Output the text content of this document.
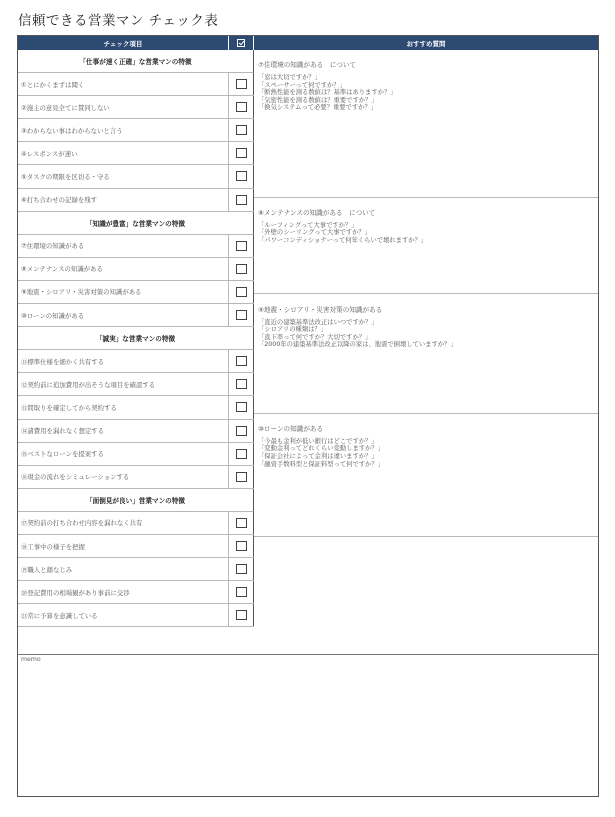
信頼できる営業マン チェック表
チェック項目	おすすめ質問
「仕事が速く正確」な営業マンの特徴
①とにかくまずは聞く
②施主の意見全てに賛同しない
③わからない事はわからないと言う
④レスポンスが速い
⑤タスクの期限を区切る・守る
⑥打ち合わせの記録を残す
「知識が豊富」な営業マンの特徴
⑦住環境の知識がある
⑧メンテナンスの知識がある
⑨地震・シロアリ・災害対策の知識がある
⑩ローンの知識がある
「誠実」な営業マンの特徴
⑪標準仕様を細かく共有する
⑫契約前に追加費用が出そうな項目を確認する
⑬間取りを確定してから契約する
⑭諸費用を漏れなく想定する
⑮ベストなローンを提案する
⑯現金の流れをシミュレーションする
「面倒見が良い」営業マンの特徴
⑰契約前の打ち合わせ内容を漏れなく共有
⑱工事中の様子を把握
⑲職人と顔なじみ
⑳登記費用の相場観があり事前に交渉
㉑常に予算を意識している
⑦住環境の知識がある　について
「窓は大切ですか？」
「スペーサーって何ですか？」
「断熱性能を測る数値は？基準はありますか？」
「気密性能を測る数値は？重要ですか？」
「換気システムって必要？重要ですか？」
⑧メンテナンスの知識がある　について
「ルーフィングって大事ですか？」
「外壁のシーリングって大事ですか？」
「パワーコンディショナーって何年くらいで壊れますか？」
⑨地震・シロアリ・災害対策の知識がある
「直近の建築基準法改正はいつですか？」
「シロアリの種類は？」
「直下率って何ですか？大切ですか？」
「2000年の建築基準法改正以降の家は、地震で倒壊していますか？」
⑩ローンの知識がある
「今最も金利が低い銀行はどこですか？」
「変動金利ってどれくらい変動しますか？」
「保証会社によって金利は違いますか？」
「融資手数料型と保証料型って何ですか？」
memo
